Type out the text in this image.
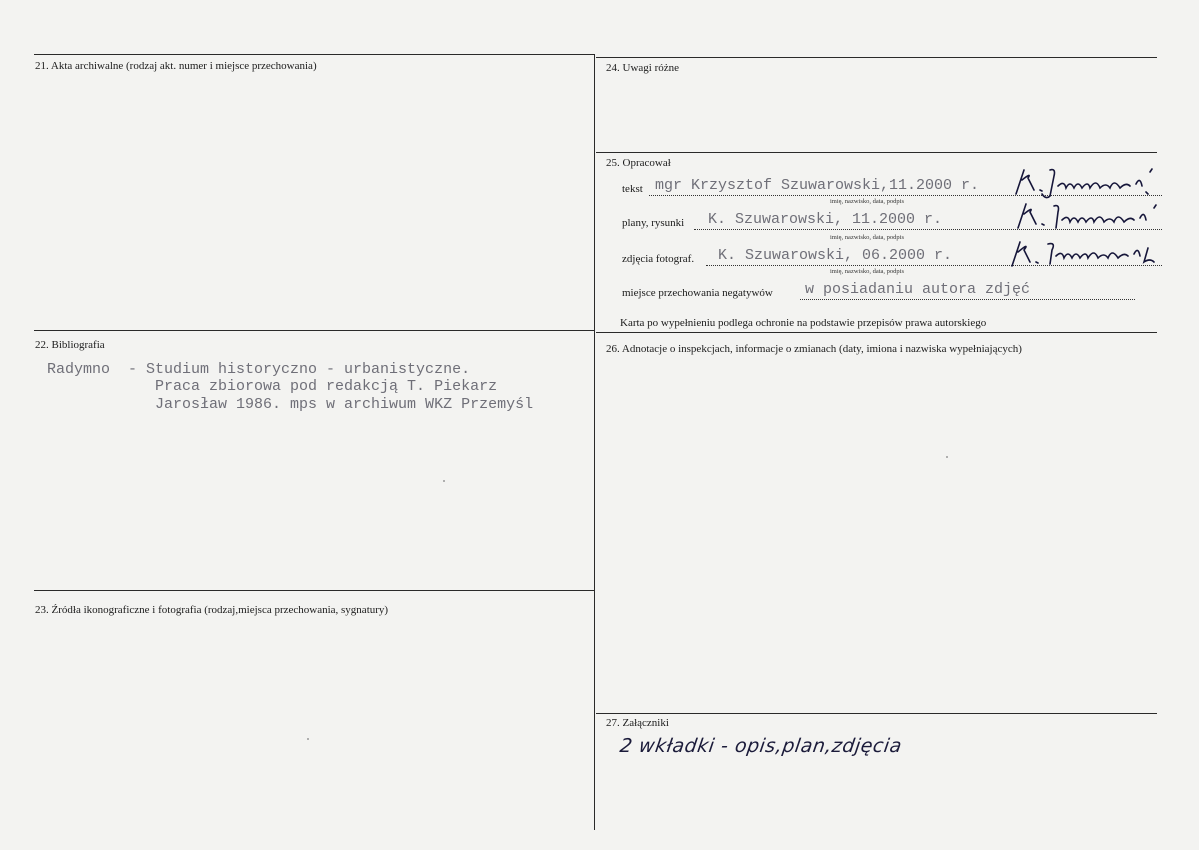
21. Akta archiwalne (rodzaj akt. numer i miejsce przechowania)	24. Uwagi różne
25. Opracował
22. Bibliografia	26. Adnotacje o inspekcjach, informacje o zmianach (daty, imiona i nazwiska wypełniających)
23. Źródła ikonograficzne i fotografia (rodzaj,miejsca przechowania, sygnatury)
27. Załączniki
Radymno  - Studium historyczno - urbanistyczne.
Praca zbiorowa pod redakcją T. Piekarz
Jarosław 1986. mps w archiwum WKZ Przemyśl
tekst mgr Krzysztof Szuwarowski,11.2000 r.
imię, nazwisko, data, podpis
plany, rysunki K. Szuwarowski, 11.2000 r.
imię, nazwisko, data, podpis
zdjęcia fotograf. K. Szuwarowski, 06.2000 r.
imię, nazwisko, data, podpis
miejsce przechowania negatywów w posiadaniu autora zdjęć
Karta po wypełnieniu podlega ochronie na podstawie przepisów prawa autorskiego
2 wkładki - opis,plan,zdjęcia
